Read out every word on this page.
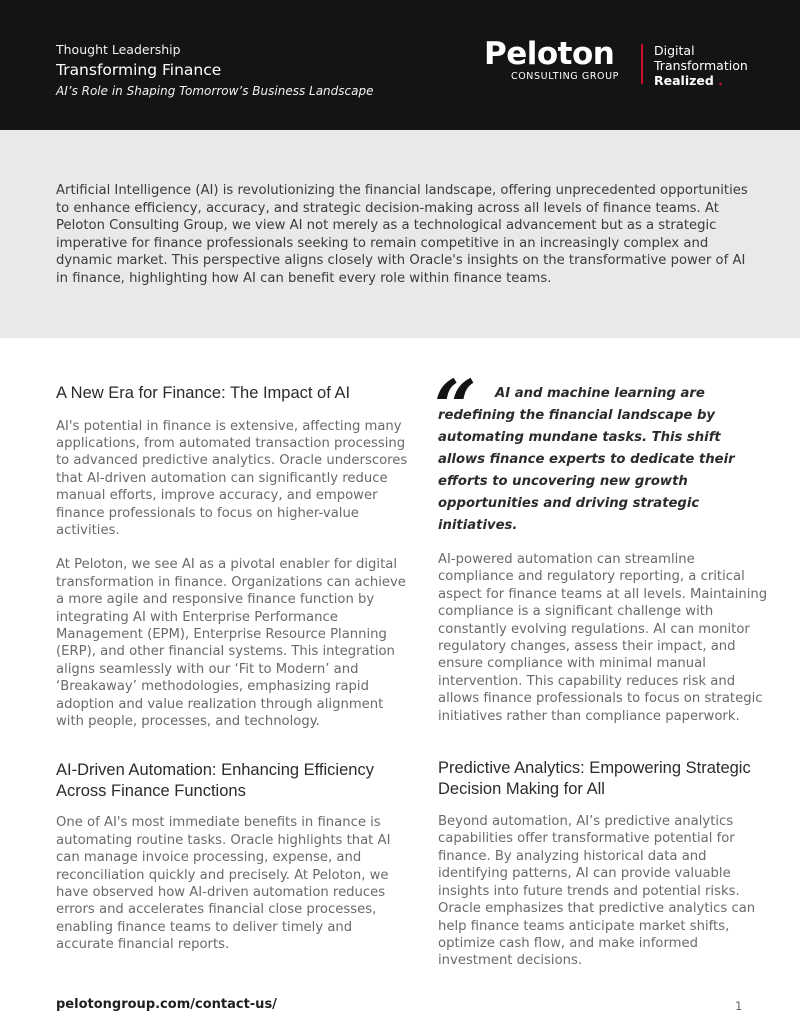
Thought Leadership
Transforming Finance
AI’s Role in Shaping Tomorrow’s Business Landscape
Peloton
CONSULTING GROUP
Digital
Transformation
Realized .

Artificial Intelligence (AI) is revolutionizing the financial landscape, offering unprecedented opportunities to enhance efficiency, accuracy, and strategic decision-making across all levels of finance teams. At Peloton Consulting Group, we view AI not merely as a technological advancement but as a strategic imperative for finance professionals seeking to remain competitive in an increasingly complex and dynamic market. This perspective aligns closely with Oracle's insights on the transformative power of AI in finance, highlighting how AI can benefit every role within finance teams.

A New Era for Finance: The Impact of AI

AI's potential in finance is extensive, affecting many applications, from automated transaction processing to advanced predictive analytics. Oracle underscores that AI-driven automation can significantly reduce manual efforts, improve accuracy, and empower finance professionals to focus on higher-value activities.

At Peloton, we see AI as a pivotal enabler for digital transformation in finance. Organizations can achieve a more agile and responsive finance function by integrating AI with Enterprise Performance Management (EPM), Enterprise Resource Planning (ERP), and other financial systems. This integration aligns seamlessly with our ‘Fit to Modern’ and ‘Breakaway’ methodologies, emphasizing rapid adoption and value realization through alignment with people, processes, and technology.

AI-Driven Automation: Enhancing Efficiency Across Finance Functions

One of AI's most immediate benefits in finance is automating routine tasks. Oracle highlights that AI can manage invoice processing, expense, and reconciliation quickly and precisely. At Peloton, we have observed how AI-driven automation reduces errors and accelerates financial close processes, enabling finance teams to deliver timely and accurate financial reports.

“	AI and machine learning are redefining the financial landscape by automating mundane tasks. This shift allows finance experts to dedicate their efforts to uncovering new growth opportunities and driving strategic initiatives.

AI-powered automation can streamline compliance and regulatory reporting, a critical aspect for finance teams at all levels. Maintaining compliance is a significant challenge with constantly evolving regulations. AI can monitor regulatory changes, assess their impact, and ensure compliance with minimal manual intervention. This capability reduces risk and allows finance professionals to focus on strategic initiatives rather than compliance paperwork.

Predictive Analytics: Empowering Strategic Decision Making for All

Beyond automation, AI’s predictive analytics capabilities offer transformative potential for finance. By analyzing historical data and identifying patterns, AI can provide valuable insights into future trends and potential risks. Oracle emphasizes that predictive analytics can help finance teams anticipate market shifts, optimize cash flow, and make informed investment decisions.

pelotongroup.com/contact-us/	1
